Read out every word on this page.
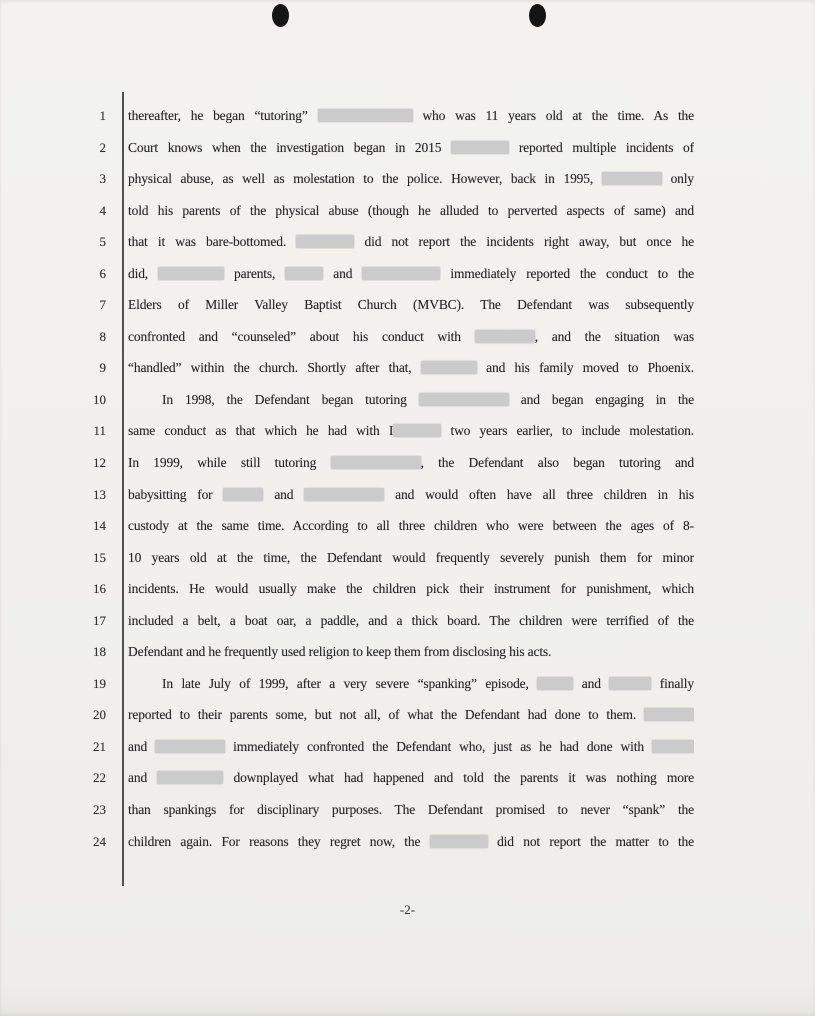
1 thereafter, he began “tutoring”	who was 11 years old at the time. As the
2 Court knows when the investigation began in 2015	reported multiple incidents of
3 physical abuse, as well as molestation to the police. However, back in 1995,	only
4 told his parents of the physical abuse (though he alluded to perverted aspects of same) and
5 that it was bare-bottomed.	did not report the incidents right away, but once he
6 did,	parents,	and	immediately reported the conduct to the
7 Elders of Miller Valley Baptist Church (MVBC). The Defendant was subsequently
8 confronted and “counseled” about his conduct with	, and the situation was
9 “handled” within the church. Shortly after that,	and his family moved to Phoenix.
10	In 1998, the Defendant began tutoring	and began engaging in the
11 same conduct as that which he had with I	two years earlier, to include molestation.
12 In 1999, while still tutoring	, the Defendant also began tutoring and
13 babysitting for	and	and would often have all three children in his
14 custody at the same time. According to all three children who were between the ages of 8-
15 10 years old at the time, the Defendant would frequently severely punish them for minor
16 incidents. He would usually make the children pick their instrument for punishment, which
17 included a belt, a boat oar, a paddle, and a thick board. The children were terrified of the
18 Defendant and he frequently used religion to keep them from disclosing his acts.
19	In late July of 1999, after a very severe “spanking” episode,	and	finally
20 reported to their parents some, but not all, of what the Defendant had done to them.
21 and	immediately confronted the Defendant who, just as he had done with
22 and	downplayed what had happened and told the parents it was nothing more
23 than spankings for disciplinary purposes. The Defendant promised to never “spank” the
24 children again. For reasons they regret now, the	did not report the matter to the
-2-
